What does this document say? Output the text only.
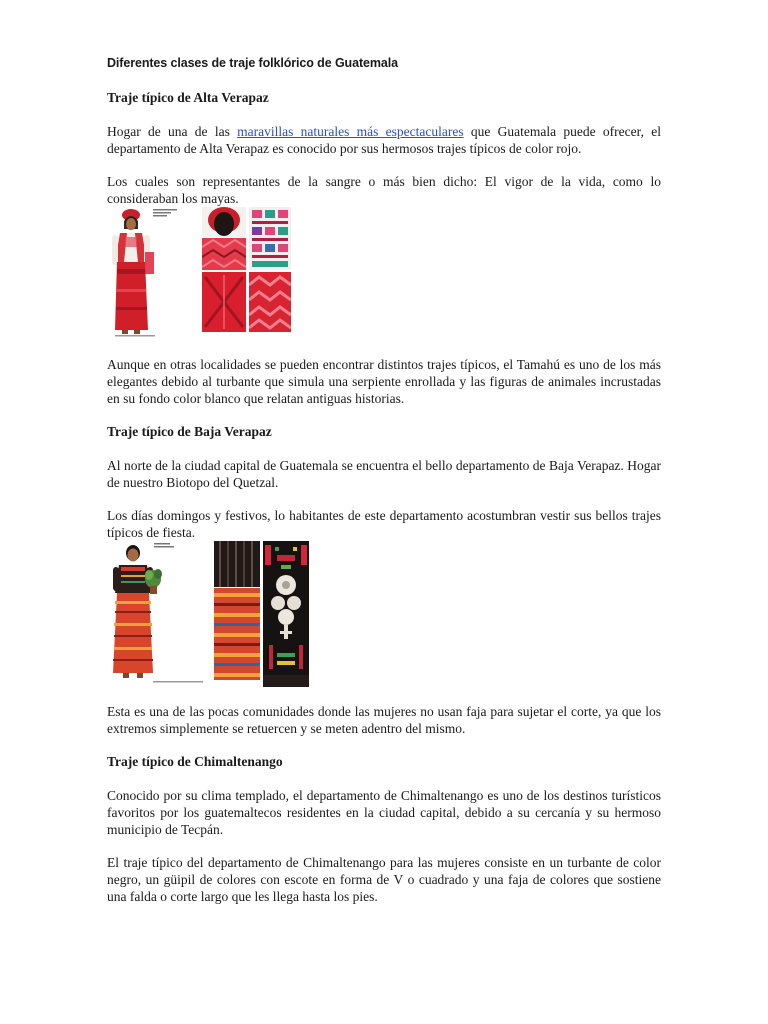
Diferentes clases de traje folklórico de Guatemala
Traje típico de Alta Verapaz

Hogar de una de las maravillas naturales más espectaculares que Guatemala puede ofrecer, el departamento de Alta Verapaz es conocido por sus hermosos trajes típicos de color rojo.

Los cuales son representantes de la sangre o más bien dicho: El vigor de la vida, como lo consideraban los mayas.

Aunque en otras localidades se pueden encontrar distintos trajes típicos, el Tamahú es uno de los más elegantes debido al turbante que simula una serpiente enrollada y las figuras de animales incrustadas en su fondo color blanco que relatan antiguas historias.

Traje típico de Baja Verapaz

Al norte de la ciudad capital de Guatemala se encuentra el bello departamento de Baja Verapaz. Hogar de nuestro Biotopo del Quetzal.

Los días domingos y festivos, lo habitantes de este departamento acostumbran vestir sus bellos trajes típicos de fiesta.

Esta es una de las pocas comunidades donde las mujeres no usan faja para sujetar el corte, ya que los extremos simplemente se retuercen y se meten adentro del mismo.

Traje típico de Chimaltenango

Conocido por su clima templado, el departamento de Chimaltenango es uno de los destinos turísticos favoritos por los guatemaltecos residentes en la ciudad capital, debido a su cercanía y su hermoso municipio de Tecpán.

El traje típico del departamento de Chimaltenango para las mujeres consiste en un turbante de color negro, un güipil de colores con escote en forma de V o cuadrado y una faja de colores que sostiene una falda o corte largo que les llega hasta los pies.
